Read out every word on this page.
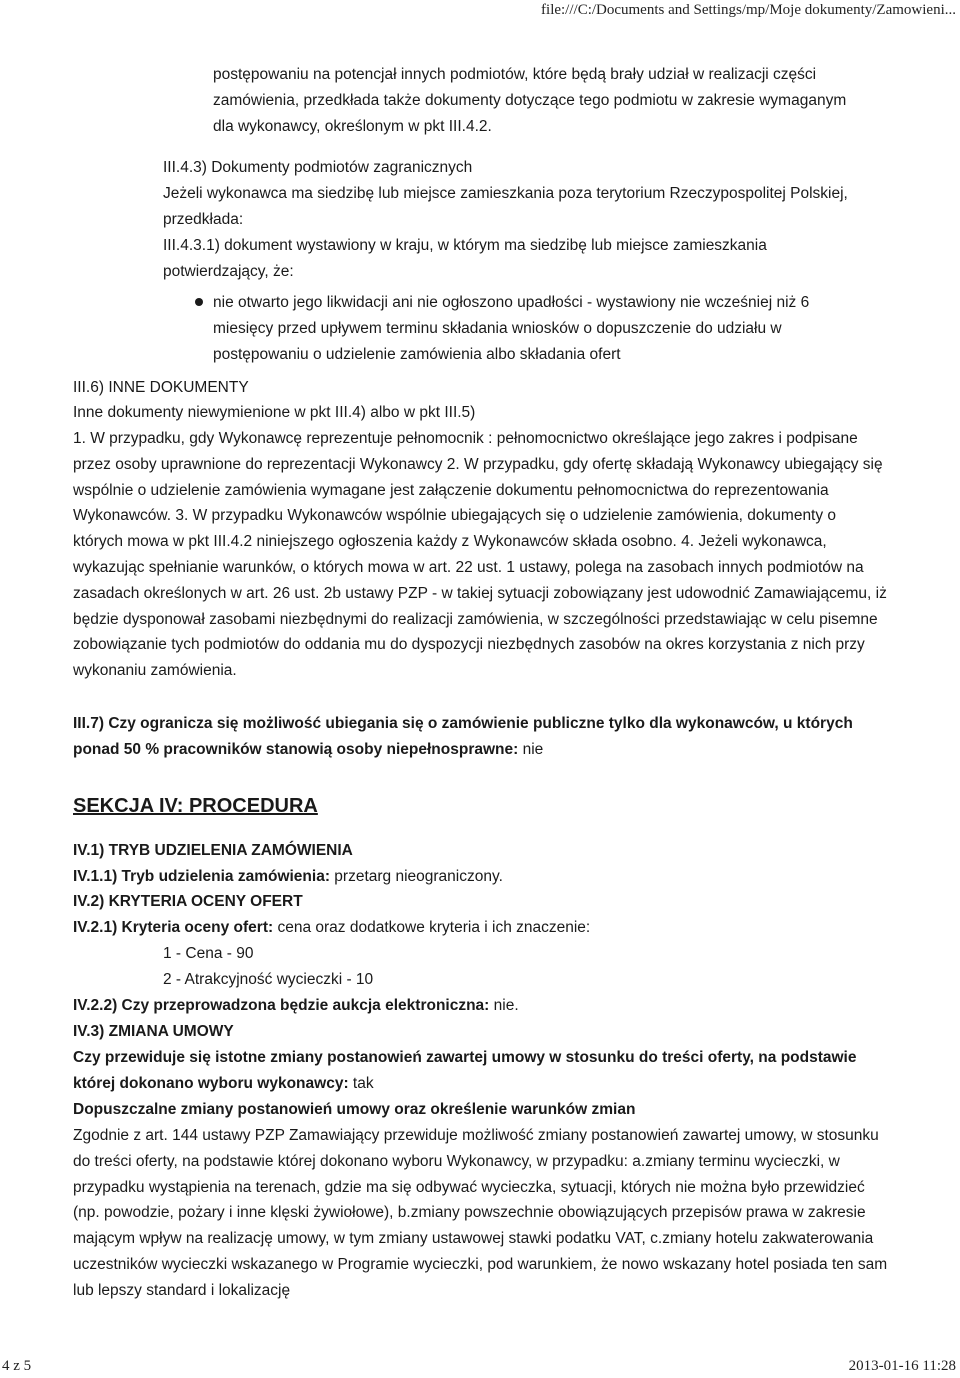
file:///C:/Documents and Settings/mp/Moje dokumenty/Zamowieni...
postępowaniu na potencjał innych podmiotów, które będą brały udział w realizacji części zamówienia, przedkłada także dokumenty dotyczące tego podmiotu w zakresie wymaganym dla wykonawcy, określonym w pkt III.4.2.
III.4.3) Dokumenty podmiotów zagranicznych
Jeżeli wykonawca ma siedzibę lub miejsce zamieszkania poza terytorium Rzeczypospolitej Polskiej, przedkłada:
III.4.3.1) dokument wystawiony w kraju, w którym ma siedzibę lub miejsce zamieszkania potwierdzający, że:
nie otwarto jego likwidacji ani nie ogłoszono upadłości - wystawiony nie wcześniej niż 6 miesięcy przed upływem terminu składania wniosków o dopuszczenie do udziału w postępowaniu o udzielenie zamówienia albo składania ofert
III.6) INNE DOKUMENTY
Inne dokumenty niewymienione w pkt III.4) albo w pkt III.5)
1. W przypadku, gdy Wykonawcę reprezentuje pełnomocnik : pełnomocnictwo określające jego zakres i podpisane przez osoby uprawnione do reprezentacji Wykonawcy 2. W przypadku, gdy ofertę składają Wykonawcy ubiegający się wspólnie o udzielenie zamówienia wymagane jest załączenie dokumentu pełnomocnictwa do reprezentowania Wykonawców. 3. W przypadku Wykonawców wspólnie ubiegających się o udzielenie zamówienia, dokumenty o których mowa w pkt III.4.2 niniejszego ogłoszenia każdy z Wykonawców składa osobno. 4. Jeżeli wykonawca, wykazując spełnianie warunków, o których mowa w art. 22 ust. 1 ustawy, polega na zasobach innych podmiotów na zasadach określonych w art. 26 ust. 2b ustawy PZP - w takiej sytuacji zobowiązany jest udowodnić Zamawiającemu, iż będzie dysponował zasobami niezbędnymi do realizacji zamówienia, w szczególności przedstawiając w celu pisemne zobowiązanie tych podmiotów do oddania mu do dyspozycji niezbędnych zasobów na okres korzystania z nich przy wykonaniu zamówienia.
III.7) Czy ogranicza się możliwość ubiegania się o zamówienie publiczne tylko dla wykonawców, u których ponad 50 % pracowników stanowią osoby niepełnosprawne: nie
SEKCJA IV: PROCEDURA
IV.1) TRYB UDZIELENIA ZAMÓWIENIA
IV.1.1) Tryb udzielenia zamówienia: przetarg nieograniczony.
IV.2) KRYTERIA OCENY OFERT
IV.2.1) Kryteria oceny ofert: cena oraz dodatkowe kryteria i ich znaczenie:
1 - Cena - 90
2 - Atrakcyjność wycieczki - 10
IV.2.2) Czy przeprowadzona będzie aukcja elektroniczna: nie.
IV.3) ZMIANA UMOWY
Czy przewiduje się istotne zmiany postanowień zawartej umowy w stosunku do treści oferty, na podstawie której dokonano wyboru wykonawcy: tak
Dopuszczalne zmiany postanowień umowy oraz określenie warunków zmian
Zgodnie z art. 144 ustawy PZP Zamawiający przewiduje możliwość zmiany postanowień zawartej umowy, w stosunku do treści oferty, na podstawie której dokonano wyboru Wykonawcy, w przypadku: a.zmiany terminu wycieczki, w przypadku wystąpienia na terenach, gdzie ma się odbywać wycieczka, sytuacji, których nie można było przewidzieć (np. powodzie, pożary i inne klęski żywiołowe), b.zmiany powszechnie obowiązujących przepisów prawa w zakresie mającym wpływ na realizację umowy, w tym zmiany ustawowej stawki podatku VAT, c.zmiany hotelu zakwaterowania uczestników wycieczki wskazanego w Programie wycieczki, pod warunkiem, że nowo wskazany hotel posiada ten sam lub lepszy standard i lokalizację
4 z 5	2013-01-16 11:28
